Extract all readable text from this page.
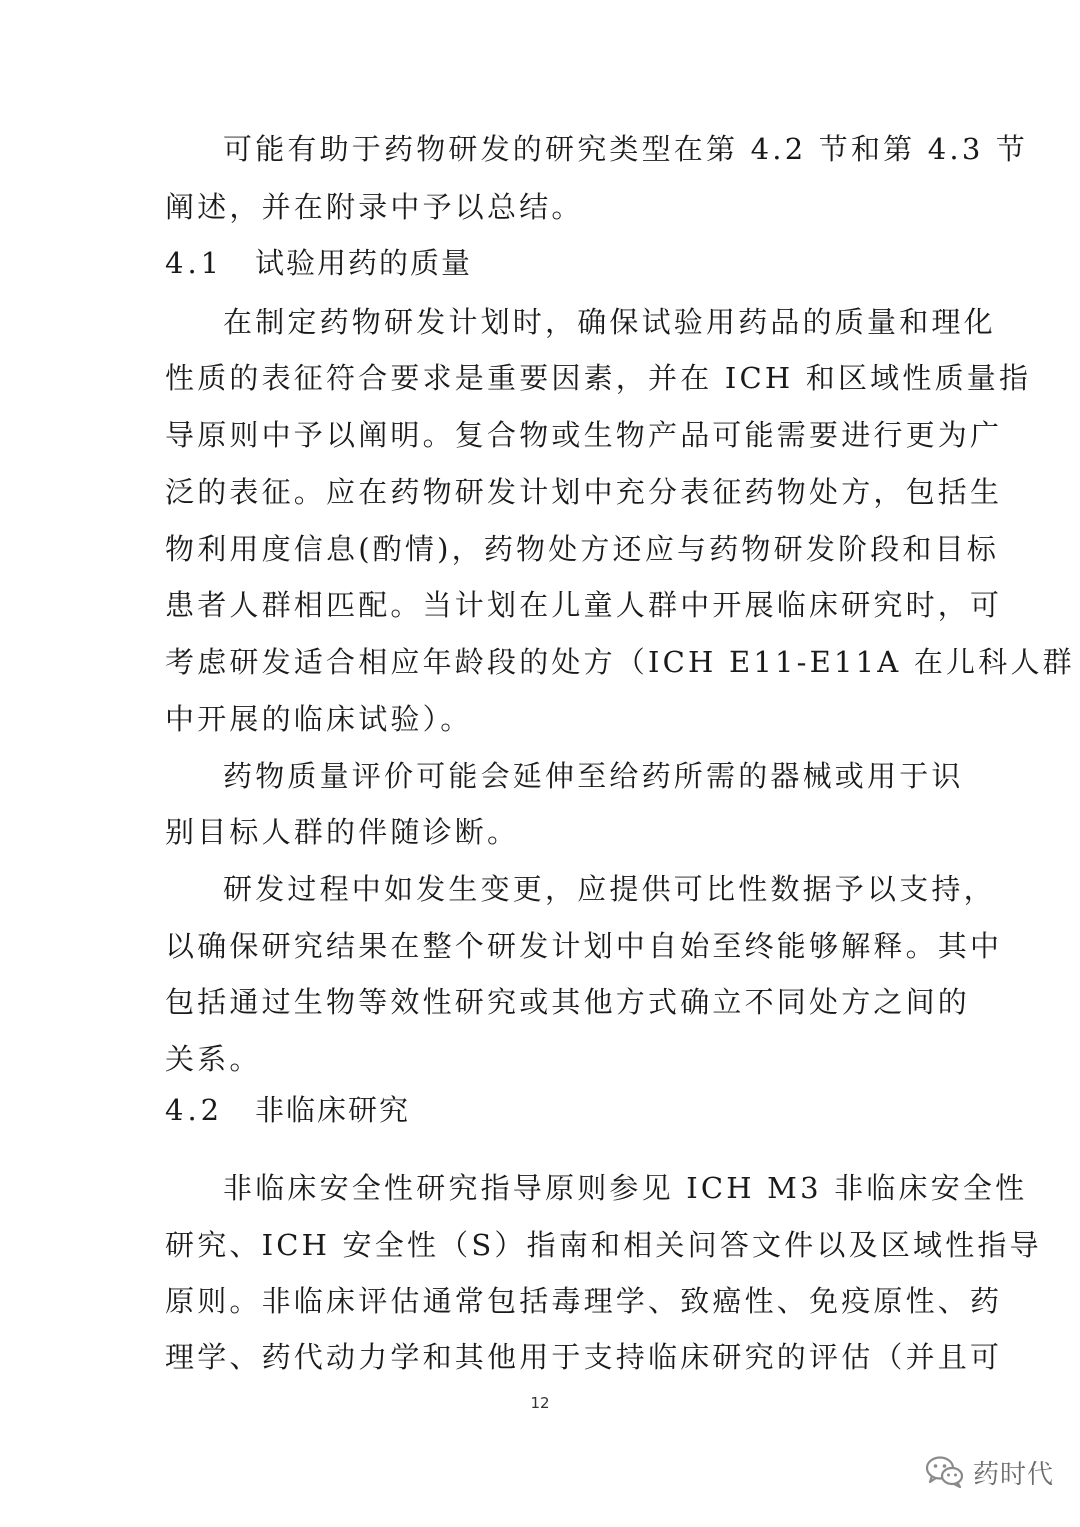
可能有助于药物研发的研究类型在第 4.2 节和第 4.3 节
阐述，并在附录中予以总结。
4.1 试验用药的质量
在制定药物研发计划时，确保试验用药品的质量和理化
性质的表征符合要求是重要因素，并在 ICH 和区域性质量指
导原则中予以阐明。复合物或生物产品可能需要进行更为广
泛的表征。应在药物研发计划中充分表征药物处方，包括生
物利用度信息(酌情)，药物处方还应与药物研发阶段和目标
患者人群相匹配。当计划在儿童人群中开展临床研究时，可
考虑研发适合相应年龄段的处方（ICH E11-E11A 在儿科人群
中开展的临床试验）。
药物质量评价可能会延伸至给药所需的器械或用于识
别目标人群的伴随诊断。
研发过程中如发生变更，应提供可比性数据予以支持，
以确保研究结果在整个研发计划中自始至终能够解释。其中
包括通过生物等效性研究或其他方式确立不同处方之间的
关系。
4.2 非临床研究
非临床安全性研究指导原则参见 ICH M3 非临床安全性
研究、ICH 安全性（S）指南和相关问答文件以及区域性指导
原则。非临床评估通常包括毒理学、致癌性、免疫原性、药
理学、药代动力学和其他用于支持临床研究的评估（并且可
12
药时代
